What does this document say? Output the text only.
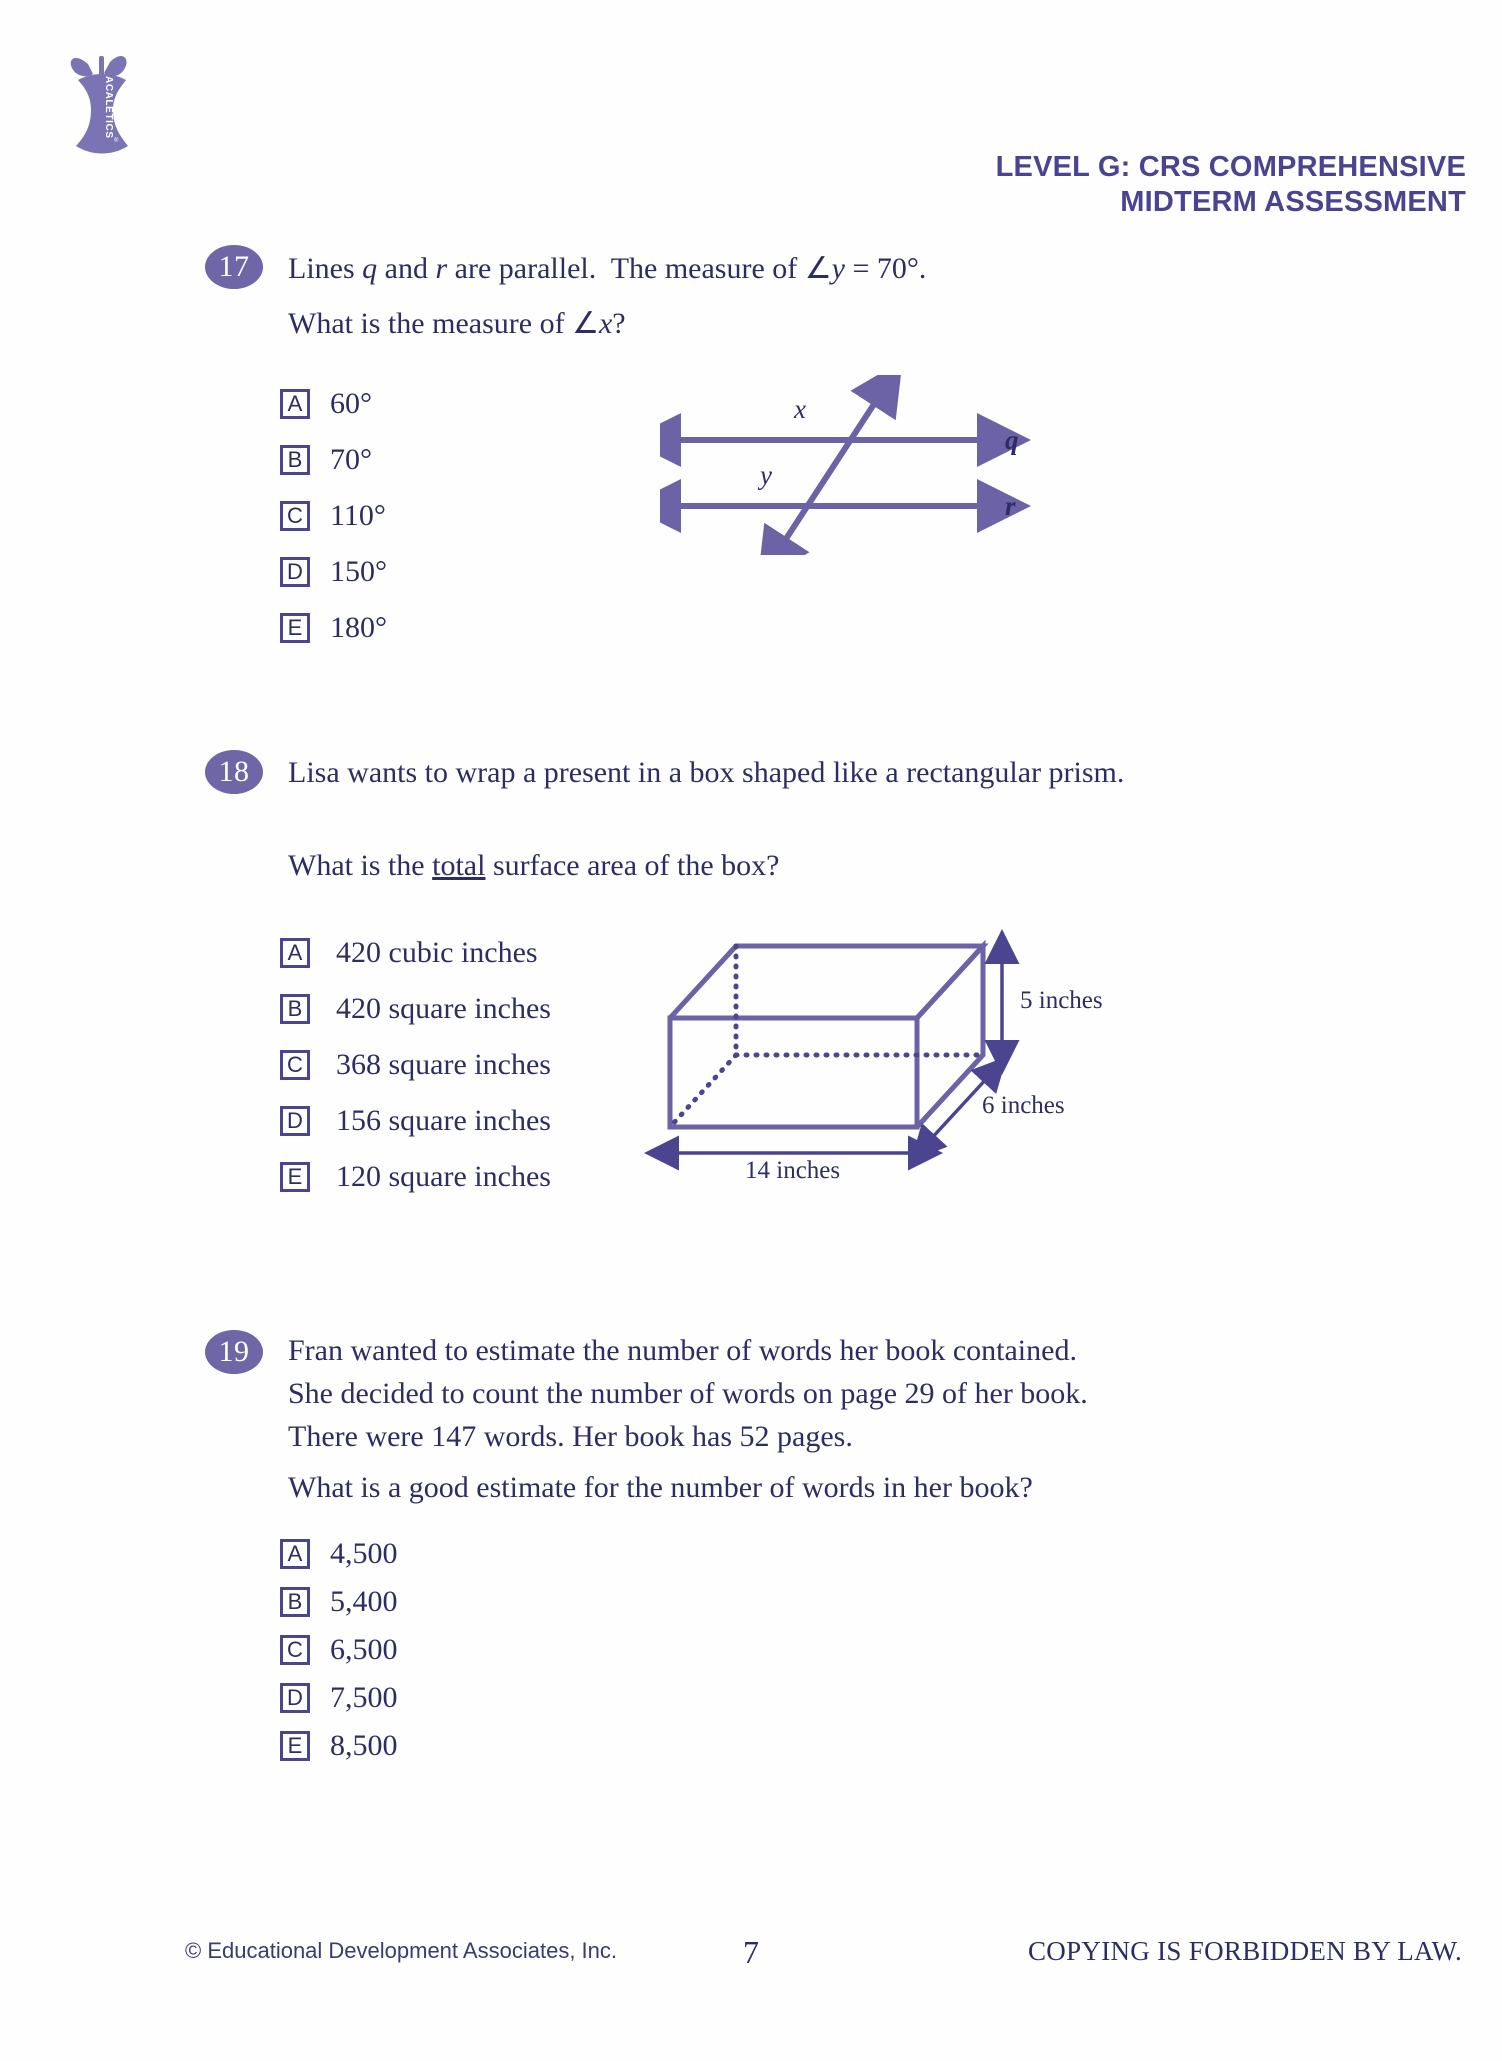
ACALETICS
®
LEVEL G: CRS COMPREHENSIVE
MIDTERM ASSESSMENT
17	Lines q and r are parallel.  The measure of ∠y = 70°.
What is the measure of ∠x?
A 60°
B 70°
C 110°
D 150°
E 180°
x
y
q
r
18	Lisa wants to wrap a present in a box shaped like a rectangular prism.
What is the total surface area of the box?
A 420 cubic inches
B 420 square inches
C 368 square inches
D 156 square inches
E 120 square inches	14 inches
5 inches
6 inches
19	Fran wanted to estimate the number of words her book contained.
She decided to count the number of words on page 29 of her book.
There were 147 words. Her book has 52 pages.
What is a good estimate for the number of words in her book?
A 4,500
B 5,400
C 6,500
D 7,500
E 8,500
© Educational Development Associates, Inc.	7	COPYING IS FORBIDDEN BY LAW.
